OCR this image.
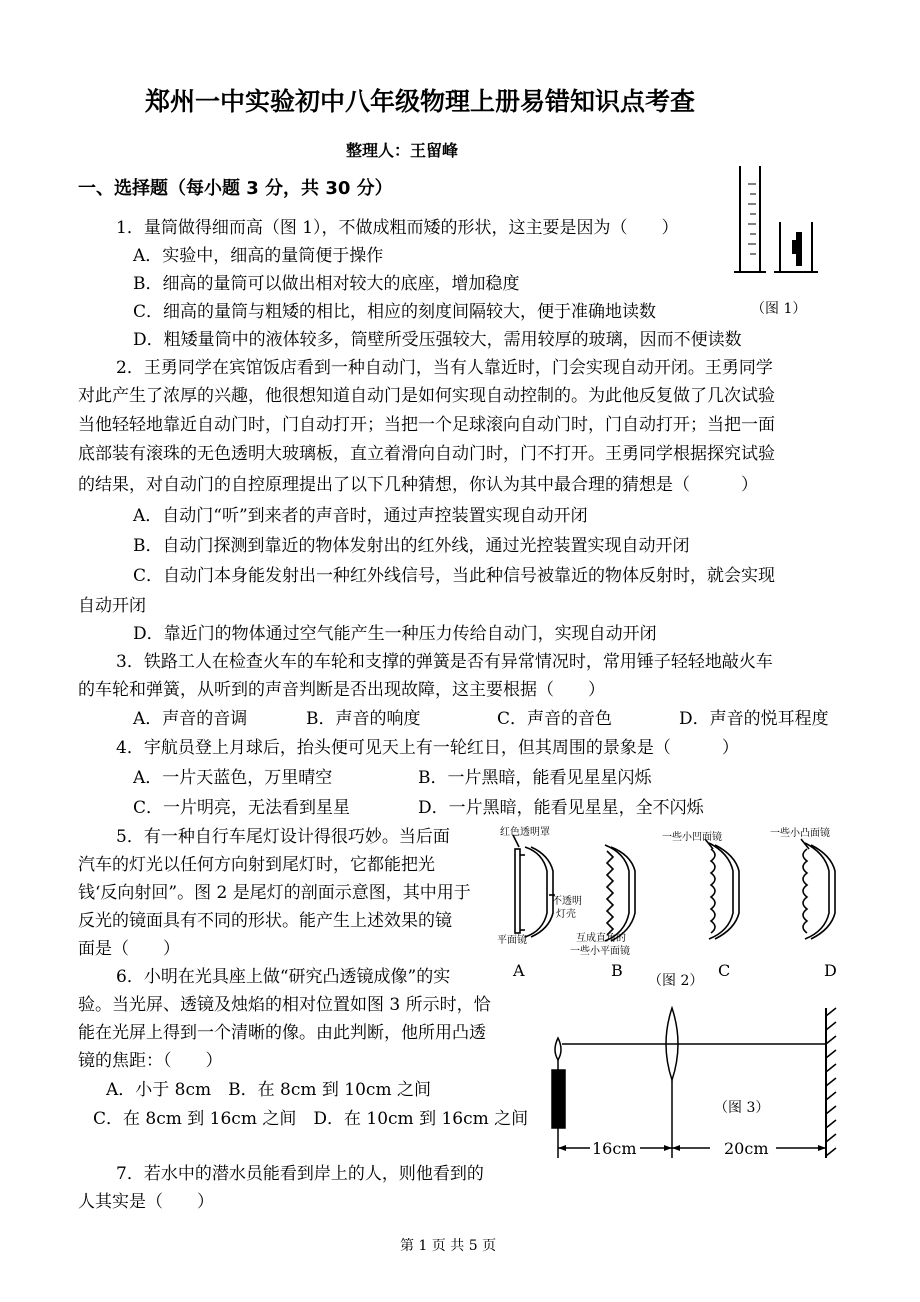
郑州一中实验初中八年级物理上册易错知识点考查
整理人：王留峰
一、选择题（每小题 3 分，共 30 分）
1．量筒做得细而高（图 1），不做成粗而矮的形状，这主要是因为（　　）
A．实验中，细高的量筒便于操作
B．细高的量筒可以做出相对较大的底座，增加稳度
C．细高的量筒与粗矮的相比，相应的刻度间隔较大，便于准确地读数
D．粗矮量筒中的液体较多，筒壁所受压强较大，需用较厚的玻璃，因而不便读数
（图 1）
2．王勇同学在宾馆饭店看到一种自动门，当有人靠近时，门会实现自动开闭。王勇同学
对此产生了浓厚的兴趣，他很想知道自动门是如何实现自动控制的。为此他反复做了几次试验
当他轻轻地靠近自动门时，门自动打开；当把一个足球滚向自动门时，门自动打开；当把一面
底部装有滚珠的无色透明大玻璃板，直立着滑向自动门时，门不打开。王勇同学根据探究试验
的结果，对自动门的自控原理提出了以下几种猜想，你认为其中最合理的猜想是（　　　）
A．自动门“听”到来者的声音时，通过声控装置实现自动开闭
B．自动门探测到靠近的物体发射出的红外线，通过光控装置实现自动开闭
C．自动门本身能发射出一种红外线信号，当此种信号被靠近的物体反射时，就会实现
自动开闭
D．靠近门的物体通过空气能产生一种压力传给自动门，实现自动开闭
3．铁路工人在检查火车的车轮和支撑的弹簧是否有异常情况时，常用锤子轻轻地敲火车
的车轮和弹簧，从听到的声音判断是否出现故障，这主要根据（　　）
A．声音的音调	B．声音的响度	C．声音的音色	D．声音的悦耳程度
4．宇航员登上月球后，抬头便可见天上有一轮红日，但其周围的景象是（　　　）
A．一片天蓝色，万里晴空	B．一片黑暗，能看见星星闪烁
C．一片明亮，无法看到星星	D．一片黑暗，能看见星星，全不闪烁
5．有一种自行车尾灯设计得很巧妙。当后面
汽车的灯光以任何方向射到尾灯时，它都能把光
钱‘反向射回”。图 2 是尾灯的剖面示意图，其中用于
反光的镜面具有不同的形状。能产生上述效果的镜
面是（　　）
红色透明罩
不透明
灯壳
平面镜	互成直角的
一些小平面镜
一些小凹面镜	一些小凸面镜
A	B	C	D
（图 2）
6．小明在光具座上做“研究凸透镜成像”的实
验。当光屏、透镜及烛焰的相对位置如图 3 所示时，恰
能在光屏上得到一个清晰的像。由此判断，他所用凸透
镜的焦距：（　　）
A．小于 8cm　B．在 8cm 到 10cm 之间
C．在 8cm 到 16cm 之间　D．在 10cm 到 16cm 之间
16cm	20cm
（图 3）
7．若水中的潜水员能看到岸上的人，则他看到的
人其实是（　　）
第 1 页 共 5 页
